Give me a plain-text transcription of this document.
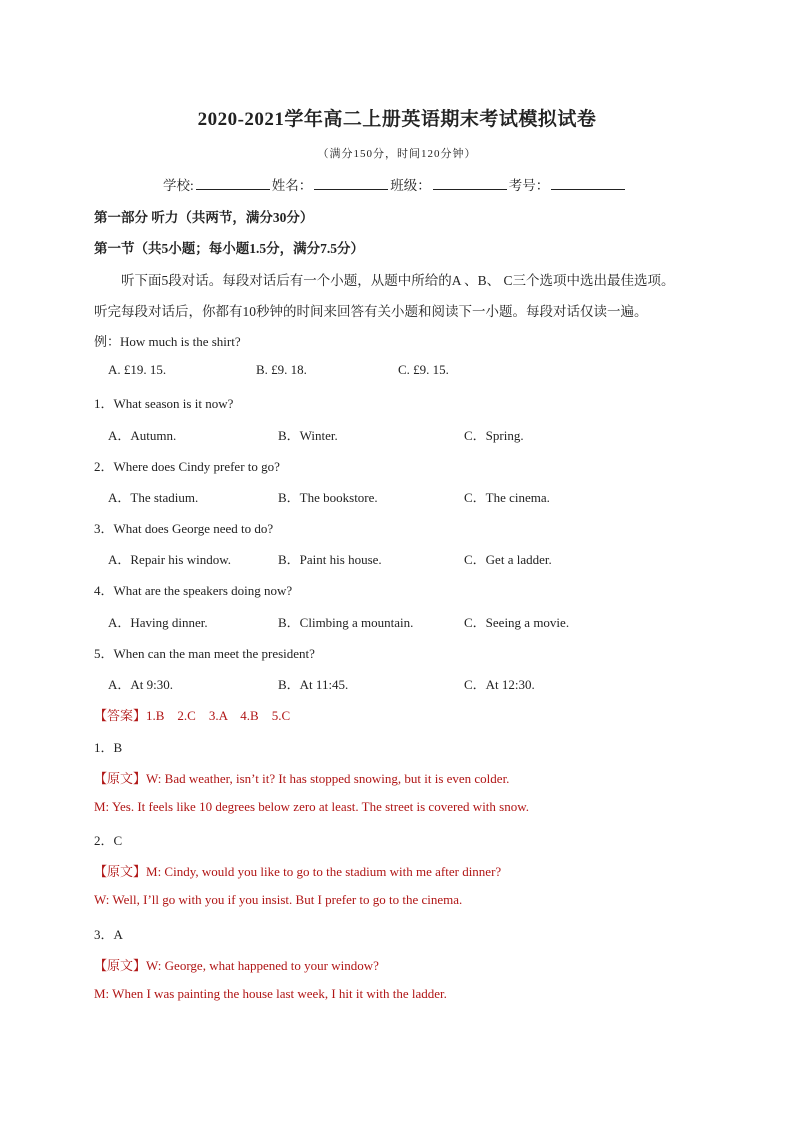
2020-2021学年高二上册英语期末考试模拟试卷
（满分150分，时间120分钟）
学校:	姓名：	班级：	考号：
第一部分 听力（共两节，满分30分）
第一节（共5小题；每小题1.5分，满分7.5分）
听下面5段对话。每段对话后有一个小题，从题中所给的A 、B、 C三个选项中选出最佳选项。
听完每段对话后，你都有10秒钟的时间来回答有关小题和阅读下一小题。每段对话仅读一遍。
例：How much is the shirt?
A. £19. 15.	B. £9. 18.	C. £9. 15.
1．What season is it now?
A．Autumn.	B．Winter.	C．Spring.
2．Where does Cindy prefer to go?
A．The stadium.	B．The bookstore.	C．The cinema.
3．What does George need to do?
A．Repair his window.	B．Paint his house.	C．Get a ladder.
4．What are the speakers doing now?
A．Having dinner.	B．Climbing a mountain.	C．Seeing a movie.
5．When can the man meet the president?
A．At 9:30.	B．At 11:45.	C．At 12:30.
【答案】1.B    2.C    3.A    4.B    5.C
1．B
【原文】W: Bad weather, isn’t it? It has stopped snowing, but it is even colder.
M: Yes. It feels like 10 degrees below zero at least. The street is covered with snow.
2．C
【原文】M: Cindy, would you like to go to the stadium with me after dinner?
W: Well, I’ll go with you if you insist. But I prefer to go to the cinema.
3．A
【原文】W: George, what happened to your window?
M: When I was painting the house last week, I hit it with the ladder.
